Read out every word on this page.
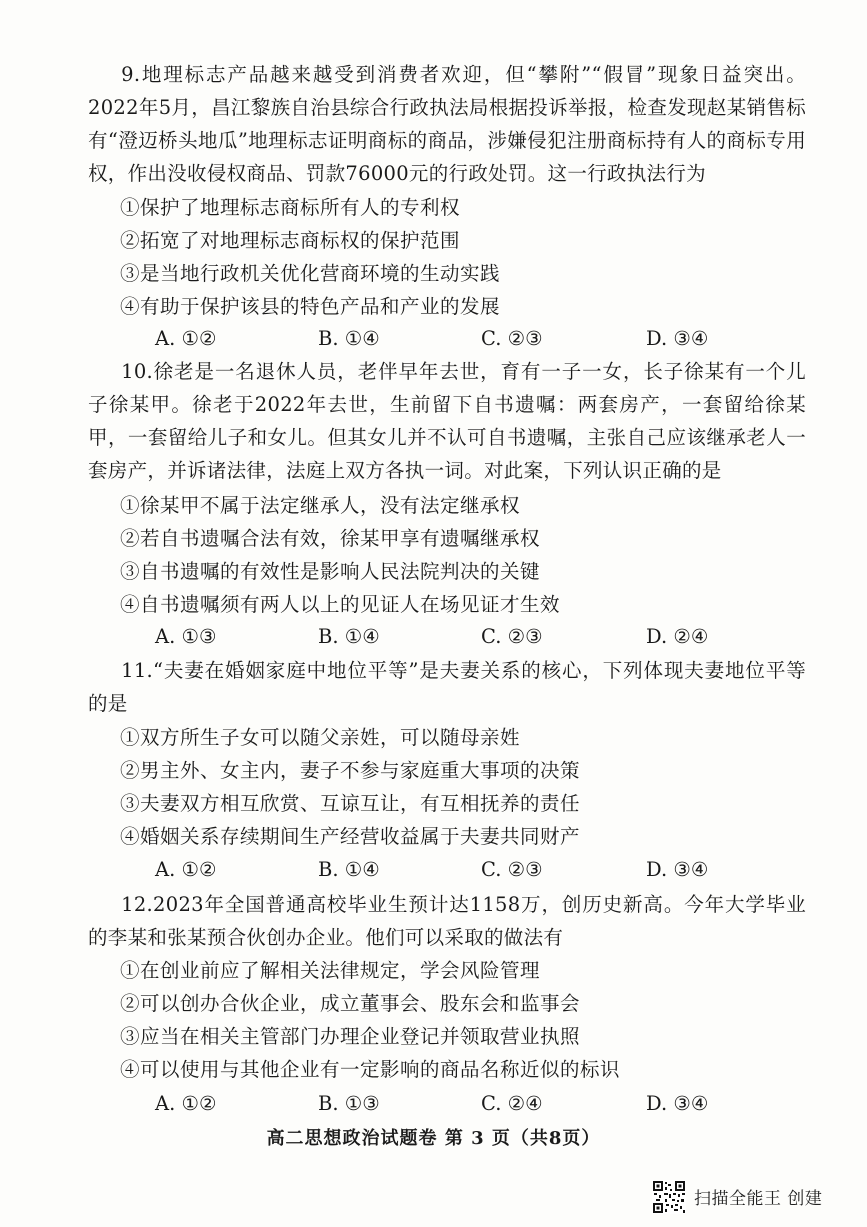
9.地理标志产品越来越受到消费者欢迎，但“攀附”“假冒”现象日益突出。2022年5月，昌江黎族自治县综合行政执法局根据投诉举报，检查发现赵某销售标有“澄迈桥头地瓜”地理标志证明商标的商品，涉嫌侵犯注册商标持有人的商标专用权，作出没收侵权商品、罚款76000元的行政处罚。这一行政执法行为

①保护了地理标志商标所有人的专利权
②拓宽了对地理标志商标权的保护范围
③是当地行政机关优化营商环境的生动实践
④有助于保护该县的特色产品和产业的发展
A. ①②	B. ①④	C. ②③	D. ③④

10.徐老是一名退休人员，老伴早年去世，育有一子一女，长子徐某有一个儿子徐某甲。徐老于2022年去世，生前留下自书遗嘱：两套房产，一套留给徐某甲，一套留给儿子和女儿。但其女儿并不认可自书遗嘱，主张自己应该继承老人一套房产，并诉诸法律，法庭上双方各执一词。对此案，下列认识正确的是

①徐某甲不属于法定继承人，没有法定继承权
②若自书遗嘱合法有效，徐某甲享有遗嘱继承权
③自书遗嘱的有效性是影响人民法院判决的关键
④自书遗嘱须有两人以上的见证人在场见证才生效
A. ①③	B. ①④	C. ②③	D. ②④

11.“夫妻在婚姻家庭中地位平等”是夫妻关系的核心，下列体现夫妻地位平等的是

①双方所生子女可以随父亲姓，可以随母亲姓
②男主外、女主内，妻子不参与家庭重大事项的决策
③夫妻双方相互欣赏、互谅互让，有互相抚养的责任
④婚姻关系存续期间生产经营收益属于夫妻共同财产
A. ①②	B. ①④	C. ②③	D. ③④

12.2023年全国普通高校毕业生预计达1158万，创历史新高。今年大学毕业的李某和张某预合伙创办企业。他们可以采取的做法有

①在创业前应了解相关法律规定，学会风险管理
②可以创办合伙企业，成立董事会、股东会和监事会
③应当在相关主管部门办理企业登记并领取营业执照
④可以使用与其他企业有一定影响的商品名称近似的标识
A. ①②	B. ①③	C. ②④	D. ③④
高二思想政治试题卷 第 3 页（共8页）
扫描全能王 创建
